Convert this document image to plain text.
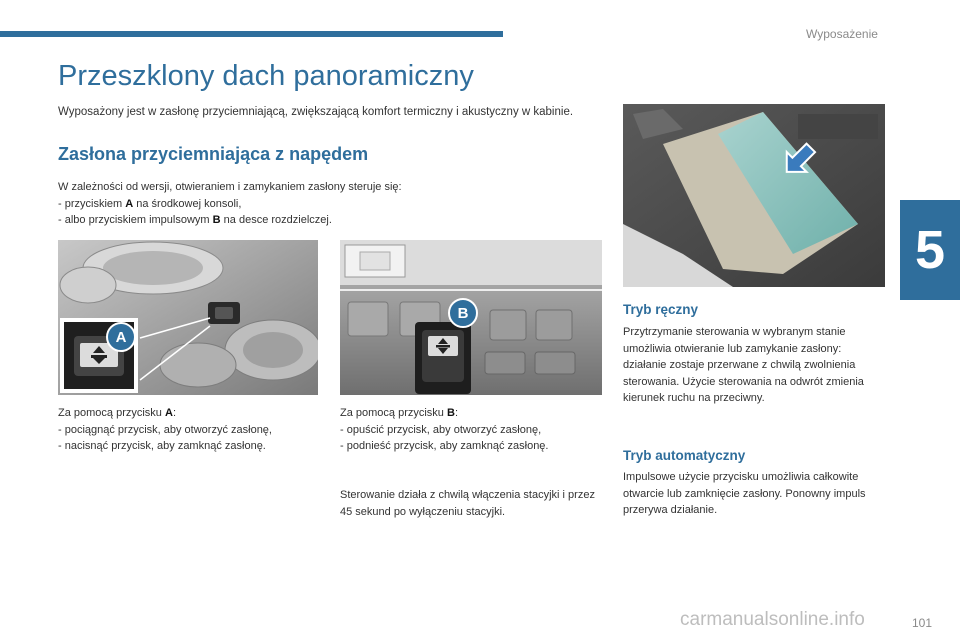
Wyposażenie
5
Przeszklony dach panoramiczny

Wyposażony jest w zasłonę przyciemniającą, zwiększającą komfort termiczny i akustyczny w kabinie.

Zasłona przyciemniająca z napędem
W zależności od wersji, otwieraniem i zamykaniem zasłony steruje się:
- przyciskiem A na środkowej konsoli,
- albo przyciskiem impulsowym B na desce rozdzielczej.
A
B
Za pomocą przycisku A:
- pociągnąć przycisk, aby otworzyć zasłonę,
- nacisnąć przycisk, aby zamknąć zasłonę.
Za pomocą przycisku B:
- opuścić przycisk, aby otworzyć zasłonę,
- podnieść przycisk, aby zamknąć zasłonę.
Sterowanie działa z chwilą włączenia stacyjki i przez 45 sekund po wyłączeniu stacyjki.
Tryb ręczny
Przytrzymanie sterowania w wybranym stanie umożliwia otwieranie lub zamykanie zasłony: działanie zostaje przerwane z chwilą zwolnienia sterowania. Użycie sterowania na odwrót zmienia kierunek ruchu na przeciwny.
Tryb automatyczny
Impulsowe użycie przycisku umożliwia całkowite otwarcie lub zamknięcie zasłony. Ponowny impuls przerywa działanie.
carmanualsonline.info	101
